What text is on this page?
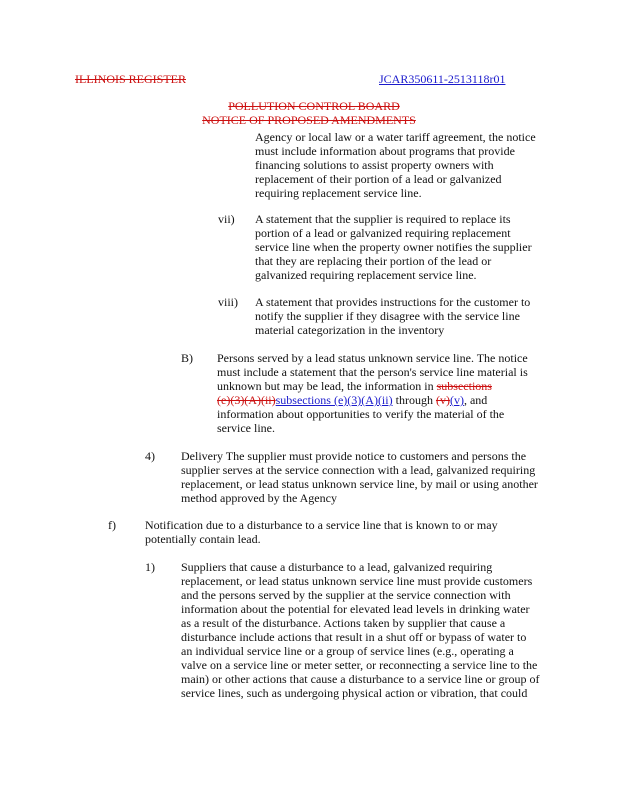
ILLINOIS REGISTER	JCAR350611-2513118r01
POLLUTION CONTROL BOARD
NOTICE OF PROPOSED AMENDMENTS
Agency or local law or a water tariff agreement, the notice
must include information about programs that provide
financing solutions to assist property owners with
replacement of their portion of a lead or galvanized
requiring replacement service line.
vii) A statement that the supplier is required to replace its
portion of a lead or galvanized requiring replacement
service line when the property owner notifies the supplier
that they are replacing their portion of the lead or
galvanized requiring replacement service line.
viii) A statement that provides instructions for the customer to
notify the supplier if they disagree with the service line
material categorization in the inventory
B) Persons served by a lead status unknown service line. The notice
must include a statement that the person's service line material is
unknown but may be lead, the information in subsections
(e)(3)(A)(ii)subsections (e)(3)(A)(ii) through (v)(v), and
information about opportunities to verify the material of the
service line.
4) Delivery The supplier must provide notice to customers and persons the
supplier serves at the service connection with a lead, galvanized requiring
replacement, or lead status unknown service line, by mail or using another
method approved by the Agency
f) Notification due to a disturbance to a service line that is known to or may
potentially contain lead.
1) Suppliers that cause a disturbance to a lead, galvanized requiring
replacement, or lead status unknown service line must provide customers
and the persons served by the supplier at the service connection with
information about the potential for elevated lead levels in drinking water
as a result of the disturbance. Actions taken by supplier that cause a
disturbance include actions that result in a shut off or bypass of water to
an individual service line or a group of service lines (e.g., operating a
valve on a service line or meter setter, or reconnecting a service line to the
main) or other actions that cause a disturbance to a service line or group of
service lines, such as undergoing physical action or vibration, that could
